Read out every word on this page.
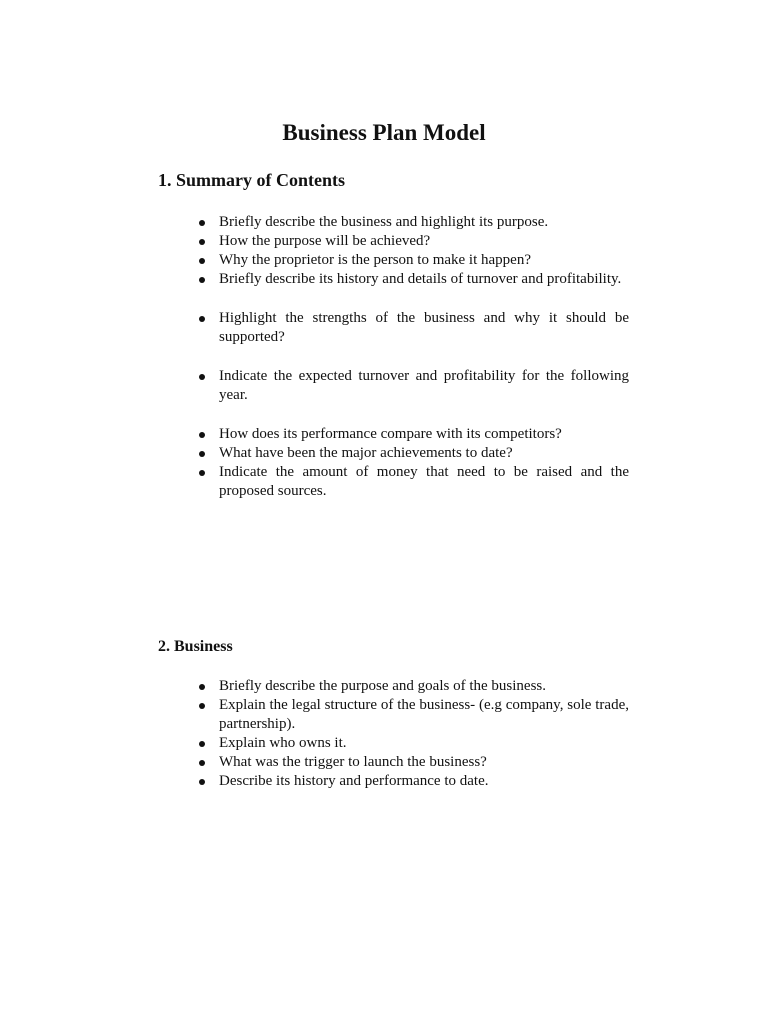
Business Plan Model
1. Summary of Contents
Briefly describe the business and highlight its purpose.
How the purpose will be achieved?
Why the proprietor is the person to make it happen?
Briefly describe its history and details of turnover and profitability.
Highlight the strengths of the business and why it should be supported?
Indicate the expected turnover and profitability for the following year.
How does its performance compare with its competitors?
What have been the major achievements to date?
Indicate the amount of money that need to be raised and the proposed sources.
2. Business
Briefly describe the purpose and goals of the business.
Explain the legal structure of the business- (e.g company, sole trade, partnership).
Explain who owns it.
What was the trigger to launch the business?
Describe its history and performance to date.
